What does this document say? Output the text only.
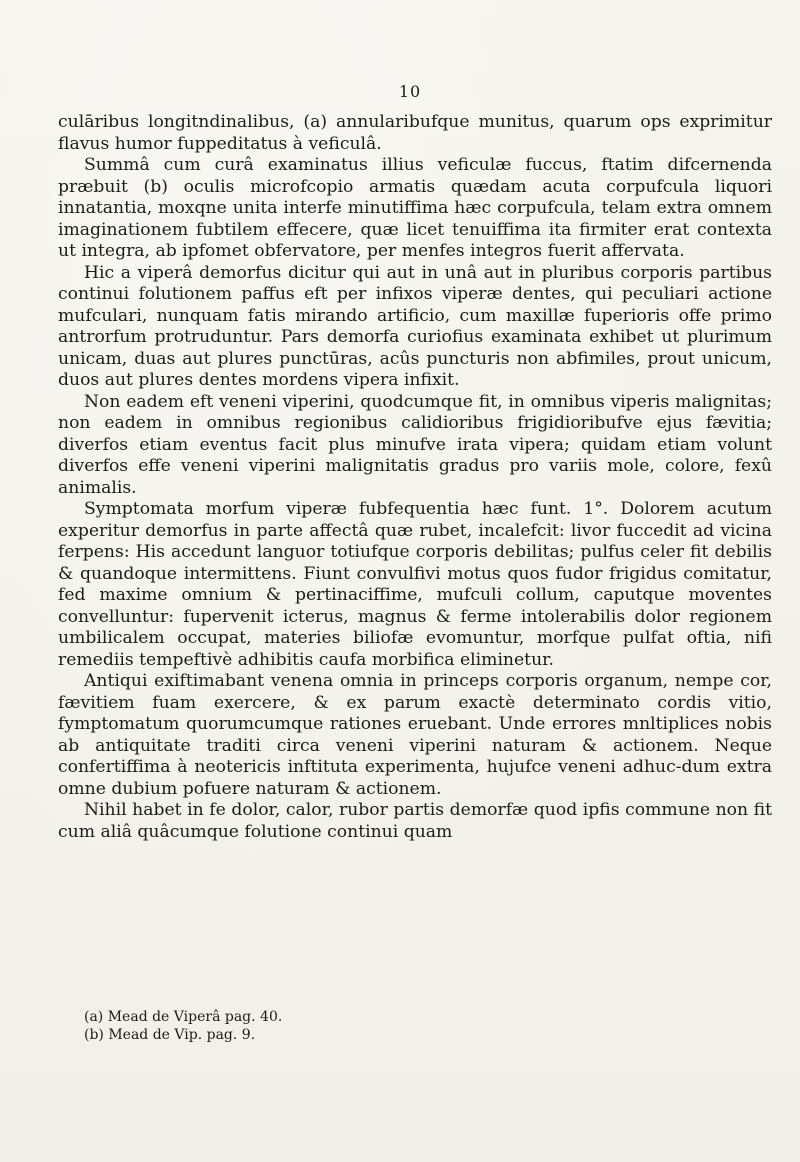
10

culāribus longitndinalibus, (a) annularibufque munitus, quarum ops exprimitur flavus humor fuppeditatus à veficulâ.

Summâ cum curâ examinatus illius veficulæ fuccus, ftatim difcernenda præbuit (b) oculis microfcopio armatis quædam acuta corpufcula liquori innatantia, moxqne unita interfe minutiffima hæc corpufcula, telam extra omnem imaginationem fubtilem effecere, quæ licet tenuiffima ita firmiter erat contexta ut integra, ab ipfomet obfervatore, per menfes integros fuerit affervata.

Hic a viperâ demorfus dicitur qui aut in unâ aut in pluribus corporis partibus continui folutionem paffus eft per infixos viperæ dentes, qui peculiari actione mufculari, nunquam fatis mirando artificio, cum maxillæ fuperioris offe primo antrorfum protruduntur. Pars demorfa curiofius examinata exhibet ut plurimum unicam, duas aut plures punctūras, acûs puncturis non abfimiles, prout unicum, duos aut plures dentes mordens vipera infixit.

Non eadem eft veneni viperini, quodcumque fit, in omnibus viperis malignitas; non eadem in omnibus regionibus calidioribus frigidioribufve ejus fævitia; diverfos etiam eventus facit plus minufve irata vipera; quidam etiam volunt diverfos effe veneni viperini malignitatis gradus pro variis mole, colore, fexû animalis.

Symptomata morfum viperæ fubfequentia hæc funt. 1°. Dolorem acutum experitur demorfus in parte affectâ quæ rubet, incalefcit: livor fuccedit ad vicina ferpens: His accedunt languor totiufque corporis debilitas; pulfus celer fit debilis & quandoque intermittens. Fiunt convulfivi motus quos fudor frigidus comitatur, fed maxime omnium & pertinaciffime, mufculi collum, caputque moventes convelluntur: fupervenit icterus, magnus & ferme intolerabilis dolor regionem umbilicalem occupat, materies biliofæ evomuntur, morfque pulfat oftia, nifi remediis tempeftivè adhibitis caufa morbifica eliminetur.

Antiqui exiftimabant venena omnia in princeps corporis organum, nempe cor, fævitiem fuam exercere, & ex parum exactè determinato cordis vitio, fymptomatum quorumcumque rationes eruebant. Unde errores mnltiplices nobis ab antiquitate traditi circa veneni viperini naturam & actionem. Neque confertiffima à neotericis inftituta experimenta, hujufce veneni adhuc-dum extra omne dubium pofuere naturam & actionem.

Nihil habet in fe dolor, calor, rubor partis demorfæ quod ipfis commune non fit cum aliâ quâcumque folutione continui quam

(a) Mead de Viperâ pag. 40.

(b) Mead de Vip. pag. 9.
